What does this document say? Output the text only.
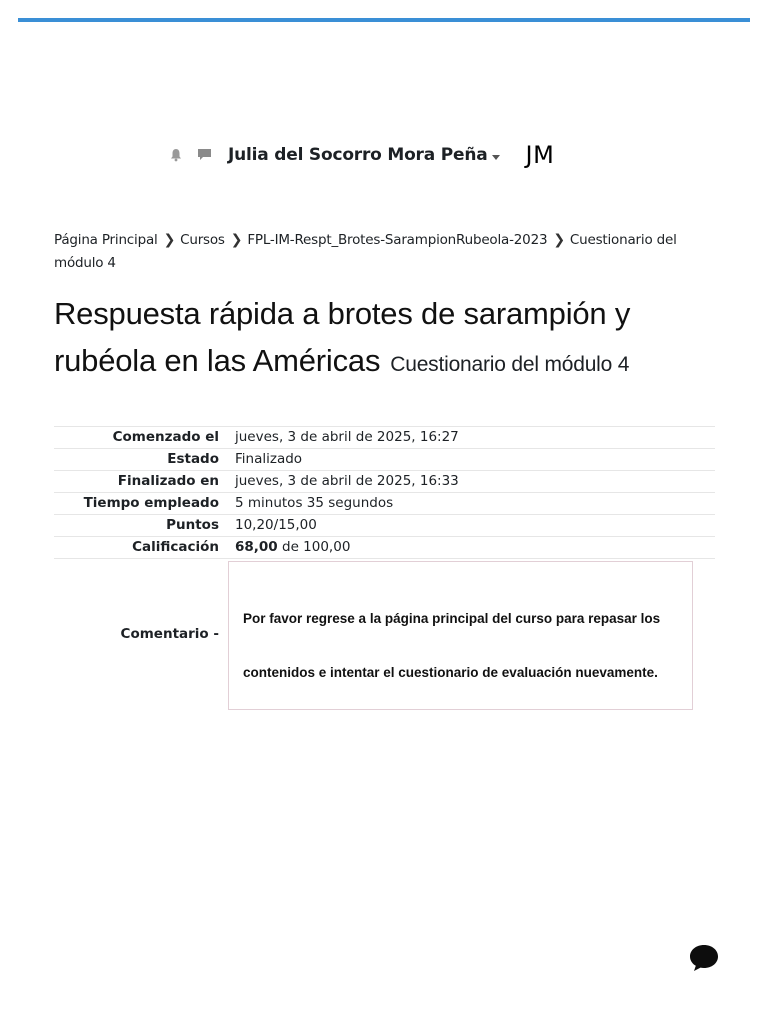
Julia del Socorro Mora Peña JM
Página Principal ❯ Cursos ❯ FPL-IM-Respt_Brotes-SarampionRubeola-2023 ❯ Cuestionario del módulo 4
Respuesta rápida a brotes de sarampión y rubéola en las Américas Cuestionario del módulo 4
Comenzado el	jueves, 3 de abril de 2025, 16:27
Estado	Finalizado
Finalizado en	jueves, 3 de abril de 2025, 16:33
Tiempo empleado	5 minutos 35 segundos
Puntos	10,20/15,00
Calificación	68,00 de 100,00
Comentario -	Por favor regrese a la página principal del curso para repasar los contenidos e intentar el cuestionario de evaluación nuevamente.
